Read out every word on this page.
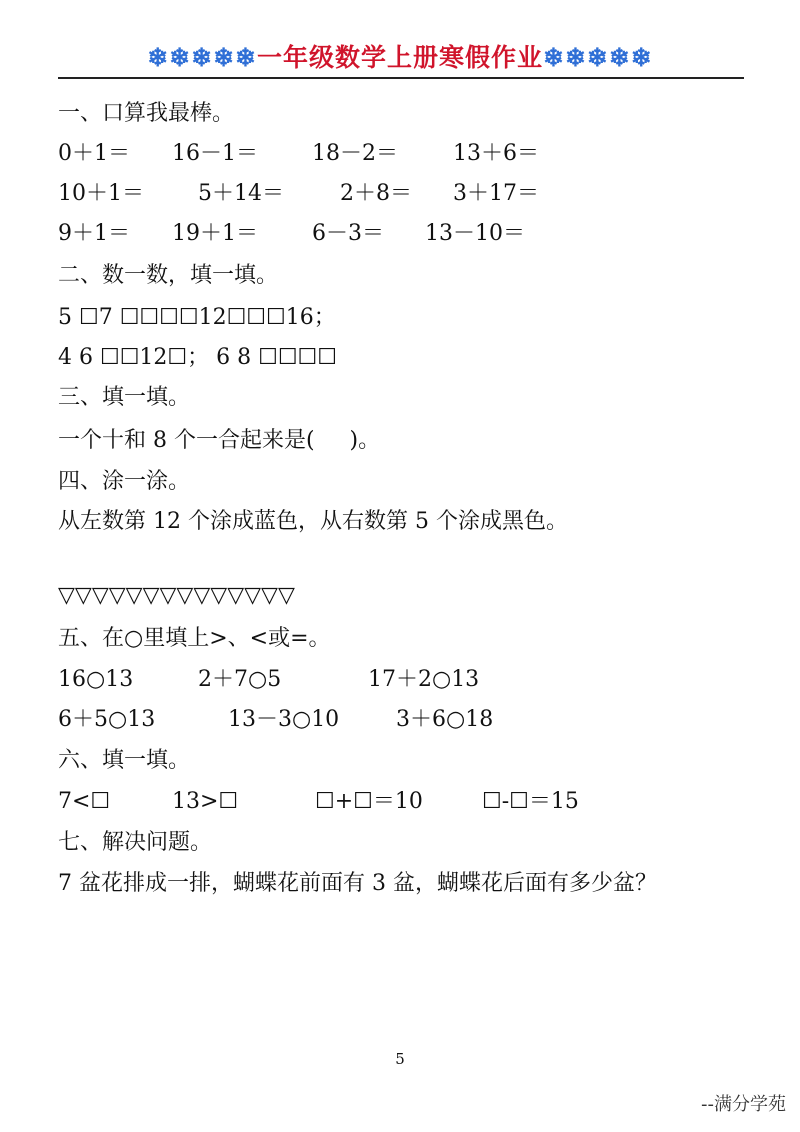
❄❄❄❄❄一年级数学上册寒假作业❄❄❄❄❄
一、口算我最棒。
0＋1＝ 16－1＝ 18－2＝	13＋6＝
10＋1＝ 5＋14＝	2＋8＝ 3＋17＝
9＋1＝ 19＋1＝ 6－3＝ 13－10＝
二、数一数，填一填。
5 ☐7 ☐☐☐☐12☐☐☐16；
4 6 ☐☐12☐； 6 8 ☐☐☐☐
三、填一填。
一个十和 8 个一合起来是(     )。
四、涂一涂。
从左数第 12 个涂成蓝色，从右数第 5 个涂成黑色。
▽▽▽▽▽▽▽▽▽▽▽▽▽▽
五、在○里填上>、<或=。
16○13	2＋7○5	17＋2○13
6＋5○13	13－3○10	3＋6○18
六、填一填。
7<☐	13>☐	☐+☐＝10	☐-☐＝15
七、解决问题。
7 盆花排成一排，蝴蝶花前面有 3 盆，蝴蝶花后面有多少盆？
5
--满分学苑
